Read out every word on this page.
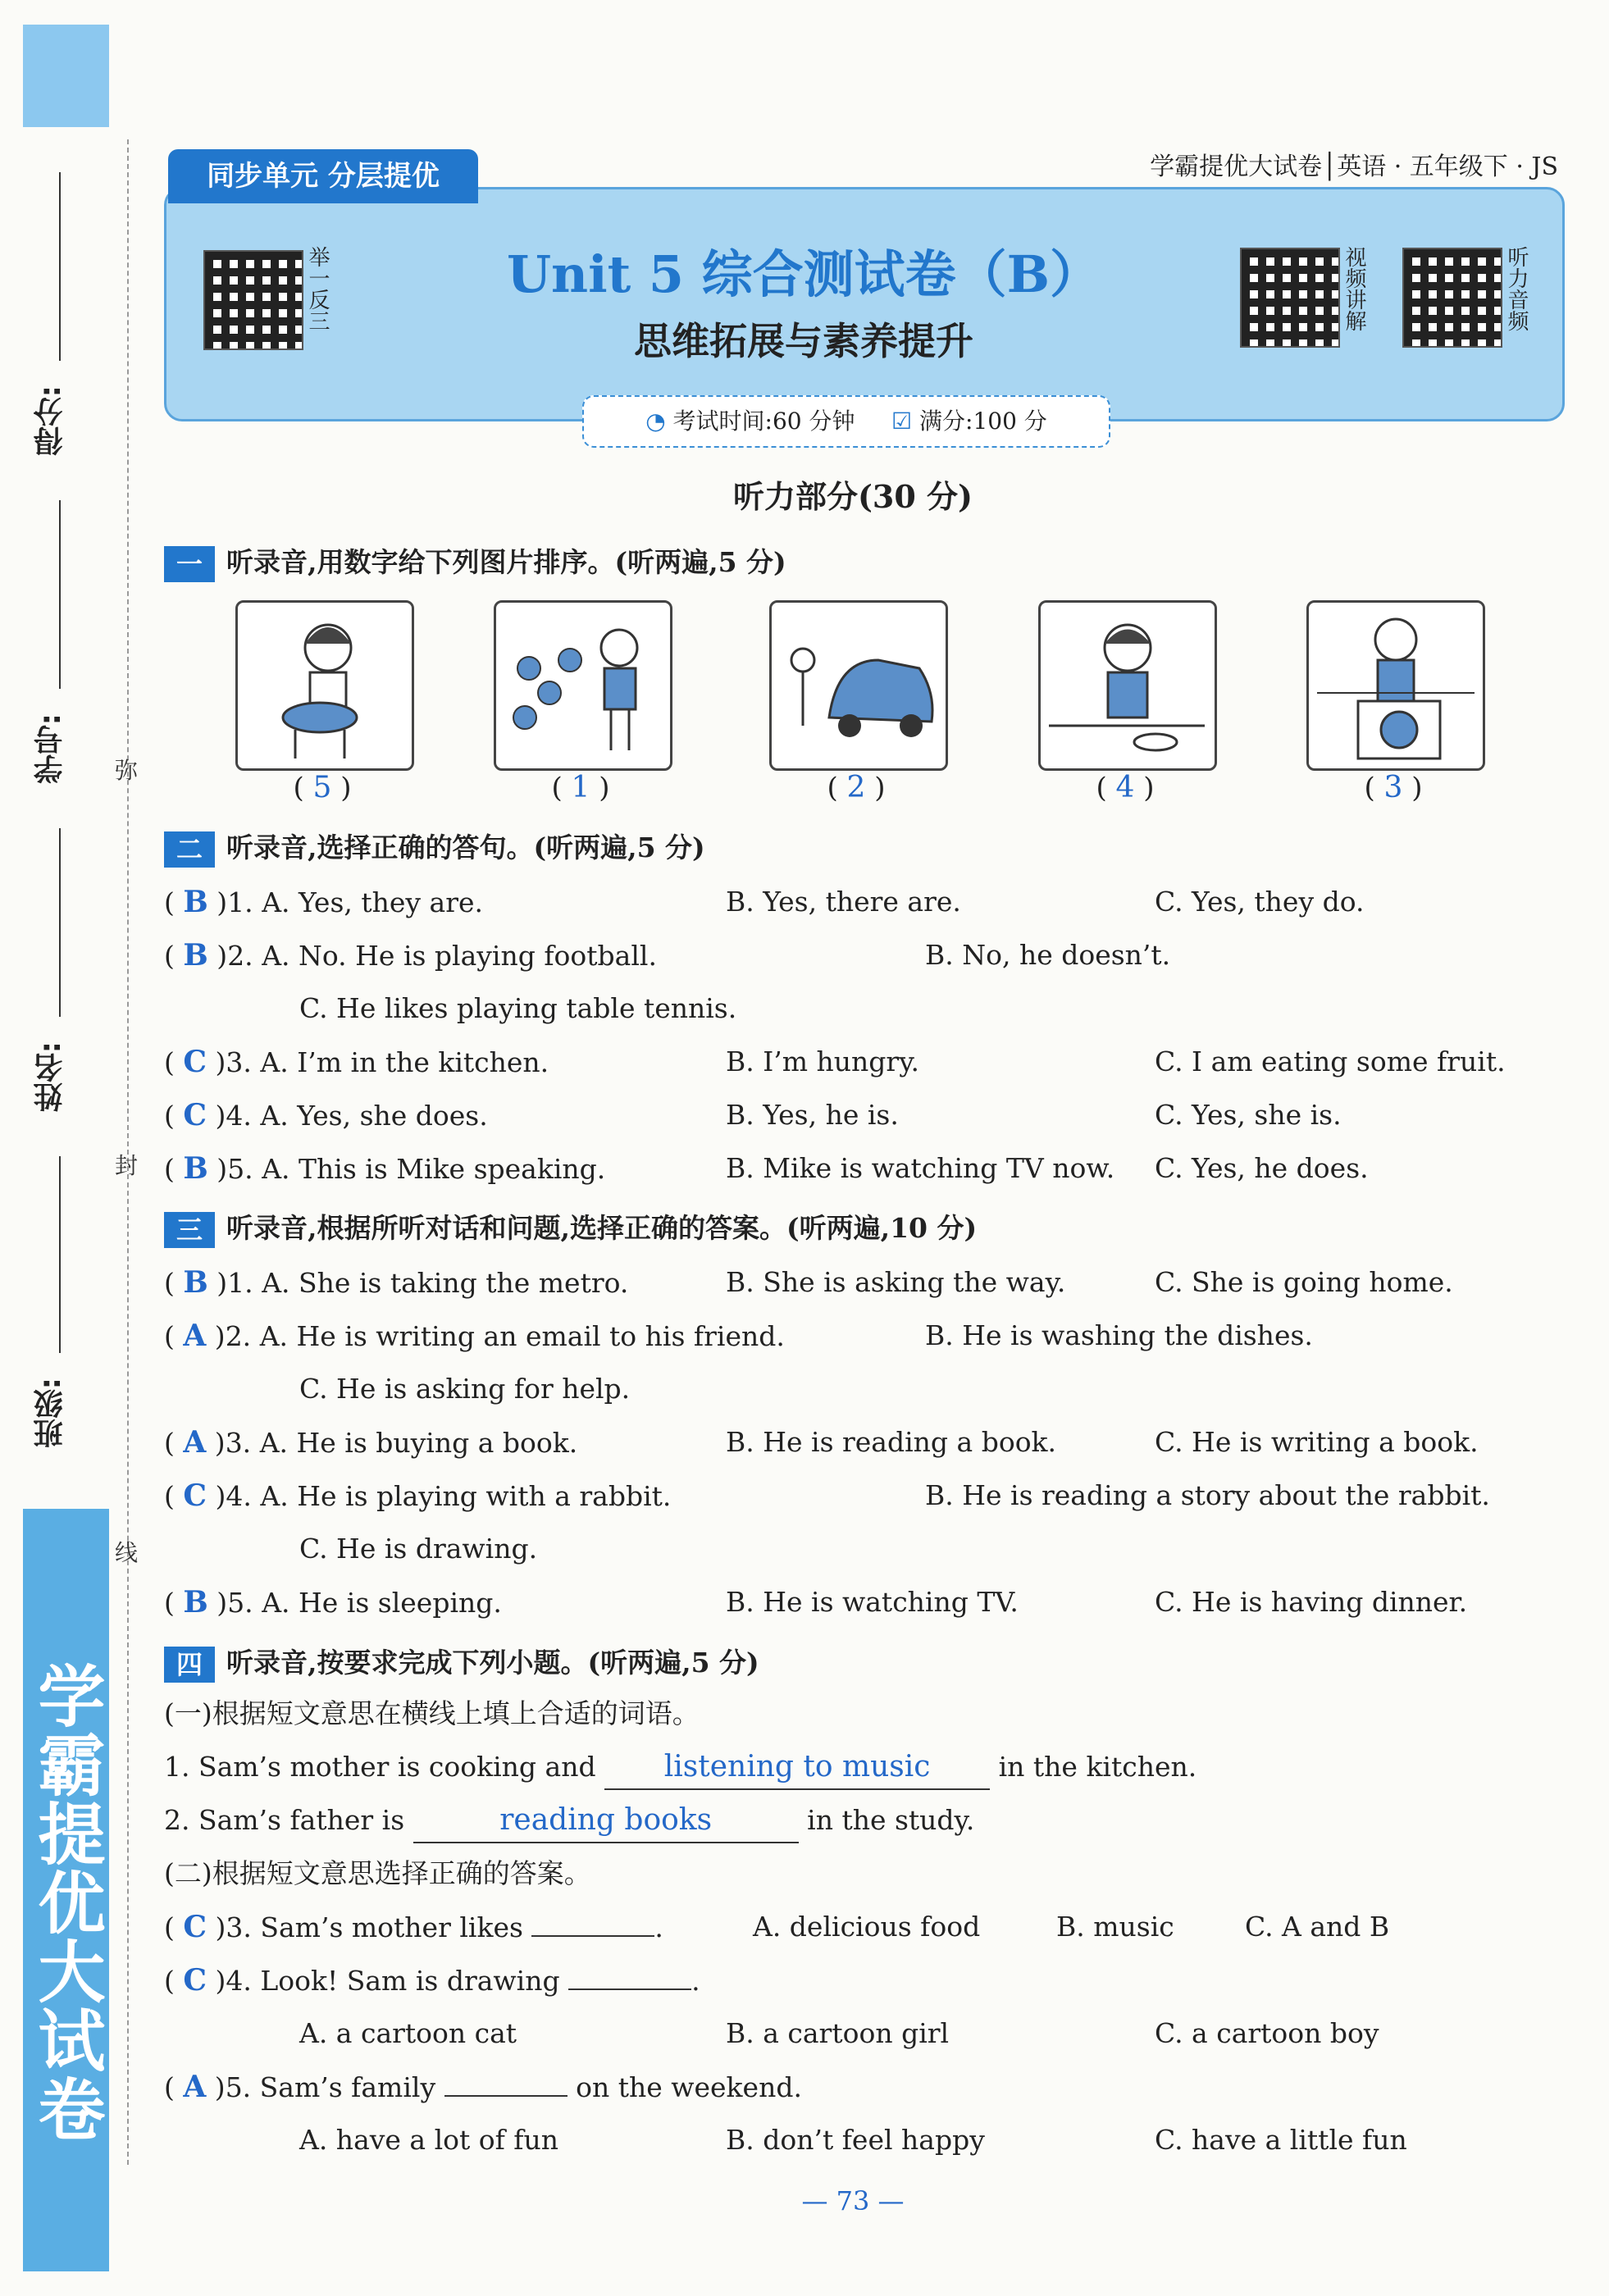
学霸提优大试卷
得分:
学号:
姓名:
班级:
弥
封
线
同步单元 分层提优	学霸提优大试卷│英语 · 五年级下 · JS
举一反三	视频讲解	听力音频
Unit 5 综合测试卷（B）
思维拓展与素养提升
◔ 考试时间:60 分钟 ☑ 满分:100 分
听力部分(30 分)
一 听录音,用数字给下列图片排序。(听两遍,5 分)
( 5 )	( 1 )	( 2 )	( 4 )	( 3 )
二 听录音,选择正确的答句。(听两遍,5 分)
( B )1. A. Yes, they are.	B. Yes, there are.	C. Yes, they do.
( B )2. A. No. He is playing football.	B. No, he doesn’t.
C. He likes playing table tennis.
( C )3. A. I’m in the kitchen.	B. I’m hungry.	C. I am eating some fruit.
( C )4. A. Yes, she does.	B. Yes, he is.	C. Yes, she is.
( B )5. A. This is Mike speaking.	B. Mike is watching TV now. C. Yes, he does.
三 听录音,根据所听对话和问题,选择正确的答案。(听两遍,10 分)
( B )1. A. She is taking the metro.	B. She is asking the way.	C. She is going home.
( A )2. A. He is writing an email to his friend.	B. He is washing the dishes.
C. He is asking for help.
( A )3. A. He is buying a book.	B. He is reading a book.	C. He is writing a book.
( C )4. A. He is playing with a rabbit.	B. He is reading a story about the rabbit.
C. He is drawing.
( B )5. A. He is sleeping.	B. He is watching TV.	C. He is having dinner.
四 听录音,按要求完成下列小题。(听两遍,5 分)
(一)根据短文意思在横线上填上合适的词语。
1. Sam’s mother is cooking and listening to music	in the kitchen.
2. Sam’s father is	reading books	in the study.
(二)根据短文意思选择正确的答案。
( C )3. Sam’s mother likes	.	A. delicious food	B. music	C. A and B
( C )4. Look! Sam is drawing	.
A. a cartoon cat	B. a cartoon girl	C. a cartoon boy
( A )5. Sam’s family	on the weekend.
A. have a lot of fun	B. don’t feel happy	C. have a little fun
— 73 —
